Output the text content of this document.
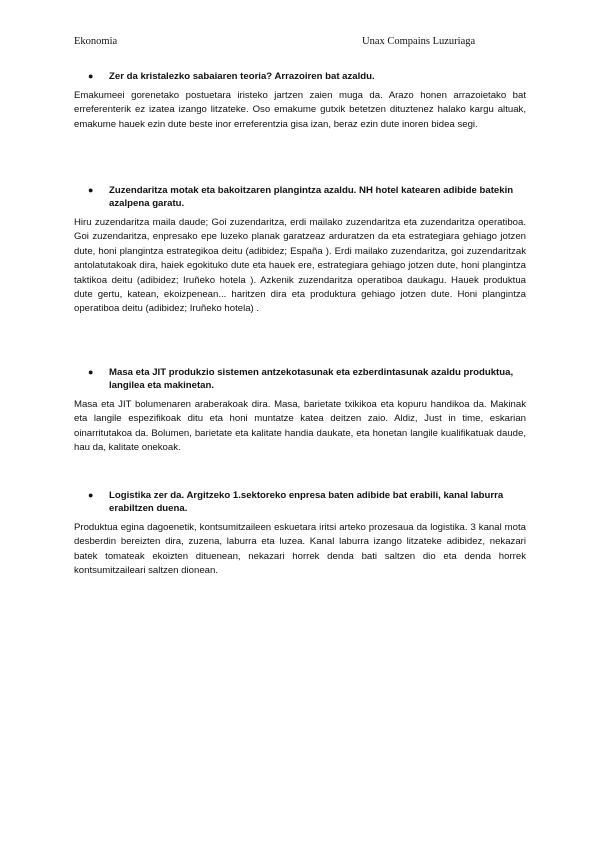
Ekonomia	Unax Compains Luzuriaga
● Zer da kristalezko sabaiaren teoria? Arrazoiren bat azaldu.
Emakumeei gorenetako postuetara iristeko jartzen zaien muga da. Arazo honen arrazoietako bat erreferenterik ez izatea izango litzateke. Oso emakume gutxik betetzen dituztenez halako kargu altuak, emakume hauek ezin dute beste inor erreferentzia gisa izan, beraz ezin dute inoren bidea segi.
● Zuzendaritza motak eta bakoitzaren plangintza azaldu. NH hotel katearen adibide batekin azalpena garatu.
Hiru zuzendaritza maila daude; Goi zuzendaritza, erdi mailako zuzendaritza eta zuzendaritza operatiboa. Goi zuzendaritza, enpresako epe luzeko planak garatzeaz arduratzen da eta estrategiara gehiago jotzen dute, honi plangintza estrategikoa deitu (adibidez; España ). Erdi mailako zuzendaritza, goi zuzendaritzak antolatutakoak dira, haiek egokituko dute eta hauek ere, estrategiara gehiago jotzen dute, honi plangintza taktikoa deitu (adibidez; Iruñeko hotela ). Azkenik zuzendaritza operatiboa daukagu. Hauek produktua dute gertu, katean, ekoizpenean... haritzen dira eta produktura gehiago jotzen dute. Honi plangintza operatiboa deitu (adibidez; Iruñeko hotela) .
● Masa eta JIT produkzio sistemen antzekotasunak eta ezberdintasunak azaldu produktua, langilea eta makinetan.
Masa eta JIT bolumenaren araberakoak dira. Masa, barietate txikikoa eta kopuru handikoa da. Makinak eta langile espezifikoak ditu eta honi muntatze katea deitzen zaio. Aldiz, Just in time, eskarian oinarritutakoa da. Bolumen, barietate eta kalitate handia daukate, eta honetan langile kualifikatuak daude, hau da, kalitate onekoak.
● Logistika zer da. Argitzeko 1.sektoreko enpresa baten adibide bat erabili, kanal laburra erabiltzen duena.
Produktua egina dagoenetik, kontsumitzaileen eskuetara iritsi arteko prozesaua da logistika. 3 kanal mota desberdin bereizten dira, zuzena, laburra eta luzea. Kanal laburra izango litzateke adibidez, nekazari batek tomateak ekoizten dituenean, nekazari horrek denda bati saltzen dio eta denda horrek kontsumitzaileari saltzen dionean.
